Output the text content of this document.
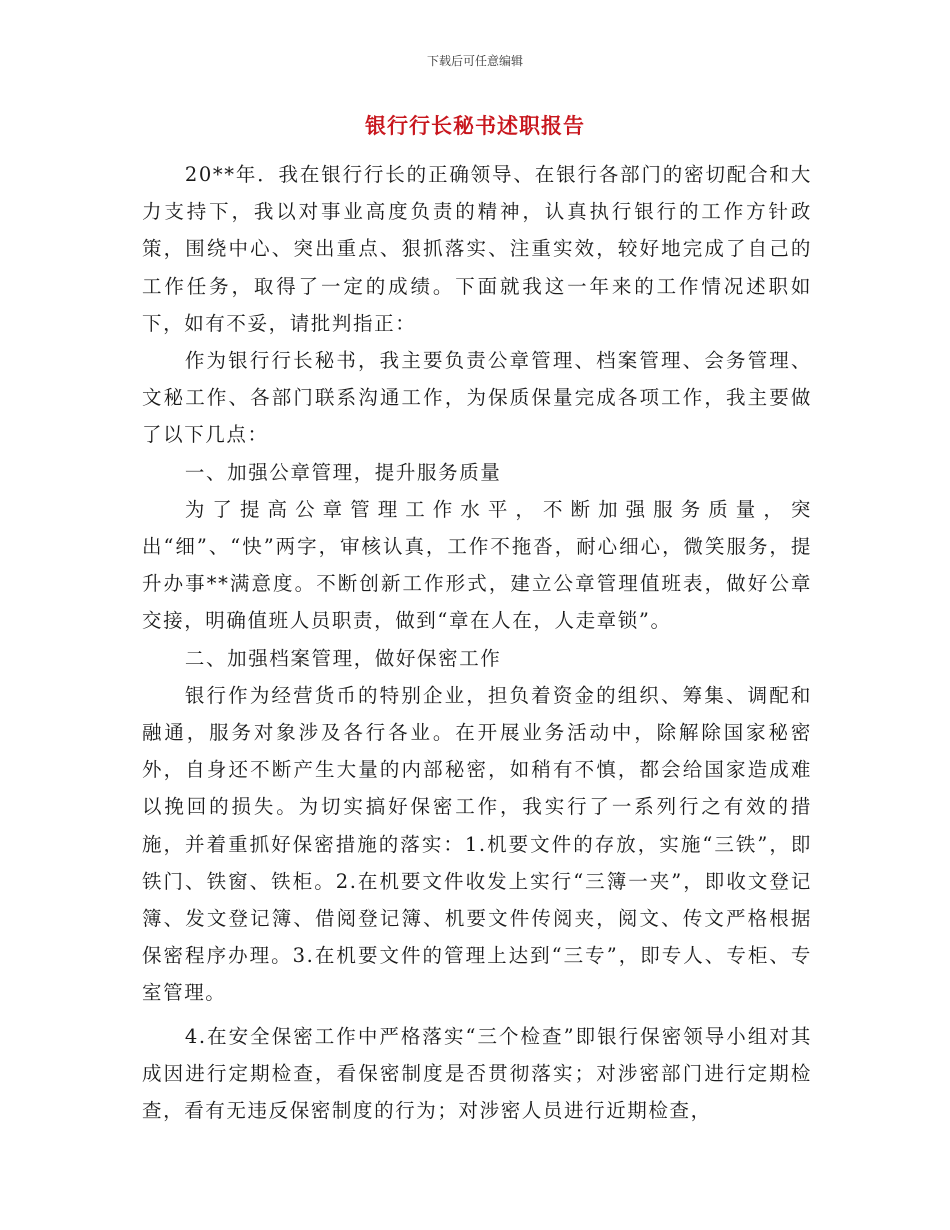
下载后可任意编辑
银行行长秘书述职报告

20**年．我在银行行长的正确领导、在银行各部门的密切配合和大力支持下，我以对事业高度负责的精神，认真执行银行的工作方针政策，围绕中心、突出重点、狠抓落实、注重实效，较好地完成了自己的工作任务，取得了一定的成绩。下面就我这一年来的工作情况述职如下，如有不妥，请批判指正：

作为银行行长秘书，我主要负责公章管理、档案管理、会务管理、文秘工作、各部门联系沟通工作，为保质保量完成各项工作，我主要做了以下几点：

一、加强公章管理，提升服务质量

为了提高公章管理工作水平，不断加强服务质量，突出“细”、“快”两字，审核认真，工作不拖沓，耐心细心，微笑服务，提升办事**满意度。不断创新工作形式，建立公章管理值班表，做好公章交接，明确值班人员职责，做到“章在人在，人走章锁”。

二、加强档案管理，做好保密工作

银行作为经营货币的特别企业，担负着资金的组织、筹集、调配和融通，服务对象涉及各行各业。在开展业务活动中，除解除国家秘密外，自身还不断产生大量的内部秘密，如稍有不慎，都会给国家造成难以挽回的损失。为切实搞好保密工作，我实行了一系列行之有效的措施，并着重抓好保密措施的落实：1.机要文件的存放，实施“三铁”，即铁门、铁窗、铁柜。2.在机要文件收发上实行“三簿一夹”，即收文登记簿、发文登记簿、借阅登记簿、机要文件传阅夹，阅文、传文严格根据保密程序办理。3.在机要文件的管理上达到“三专”，即专人、专柜、专室管理。

4.在安全保密工作中严格落实“三个检查”即银行保密领导小组对其成因进行定期检查，看保密制度是否贯彻落实；对涉密部门进行定期检查，看有无违反保密制度的行为；对涉密人员进行近期检查，
